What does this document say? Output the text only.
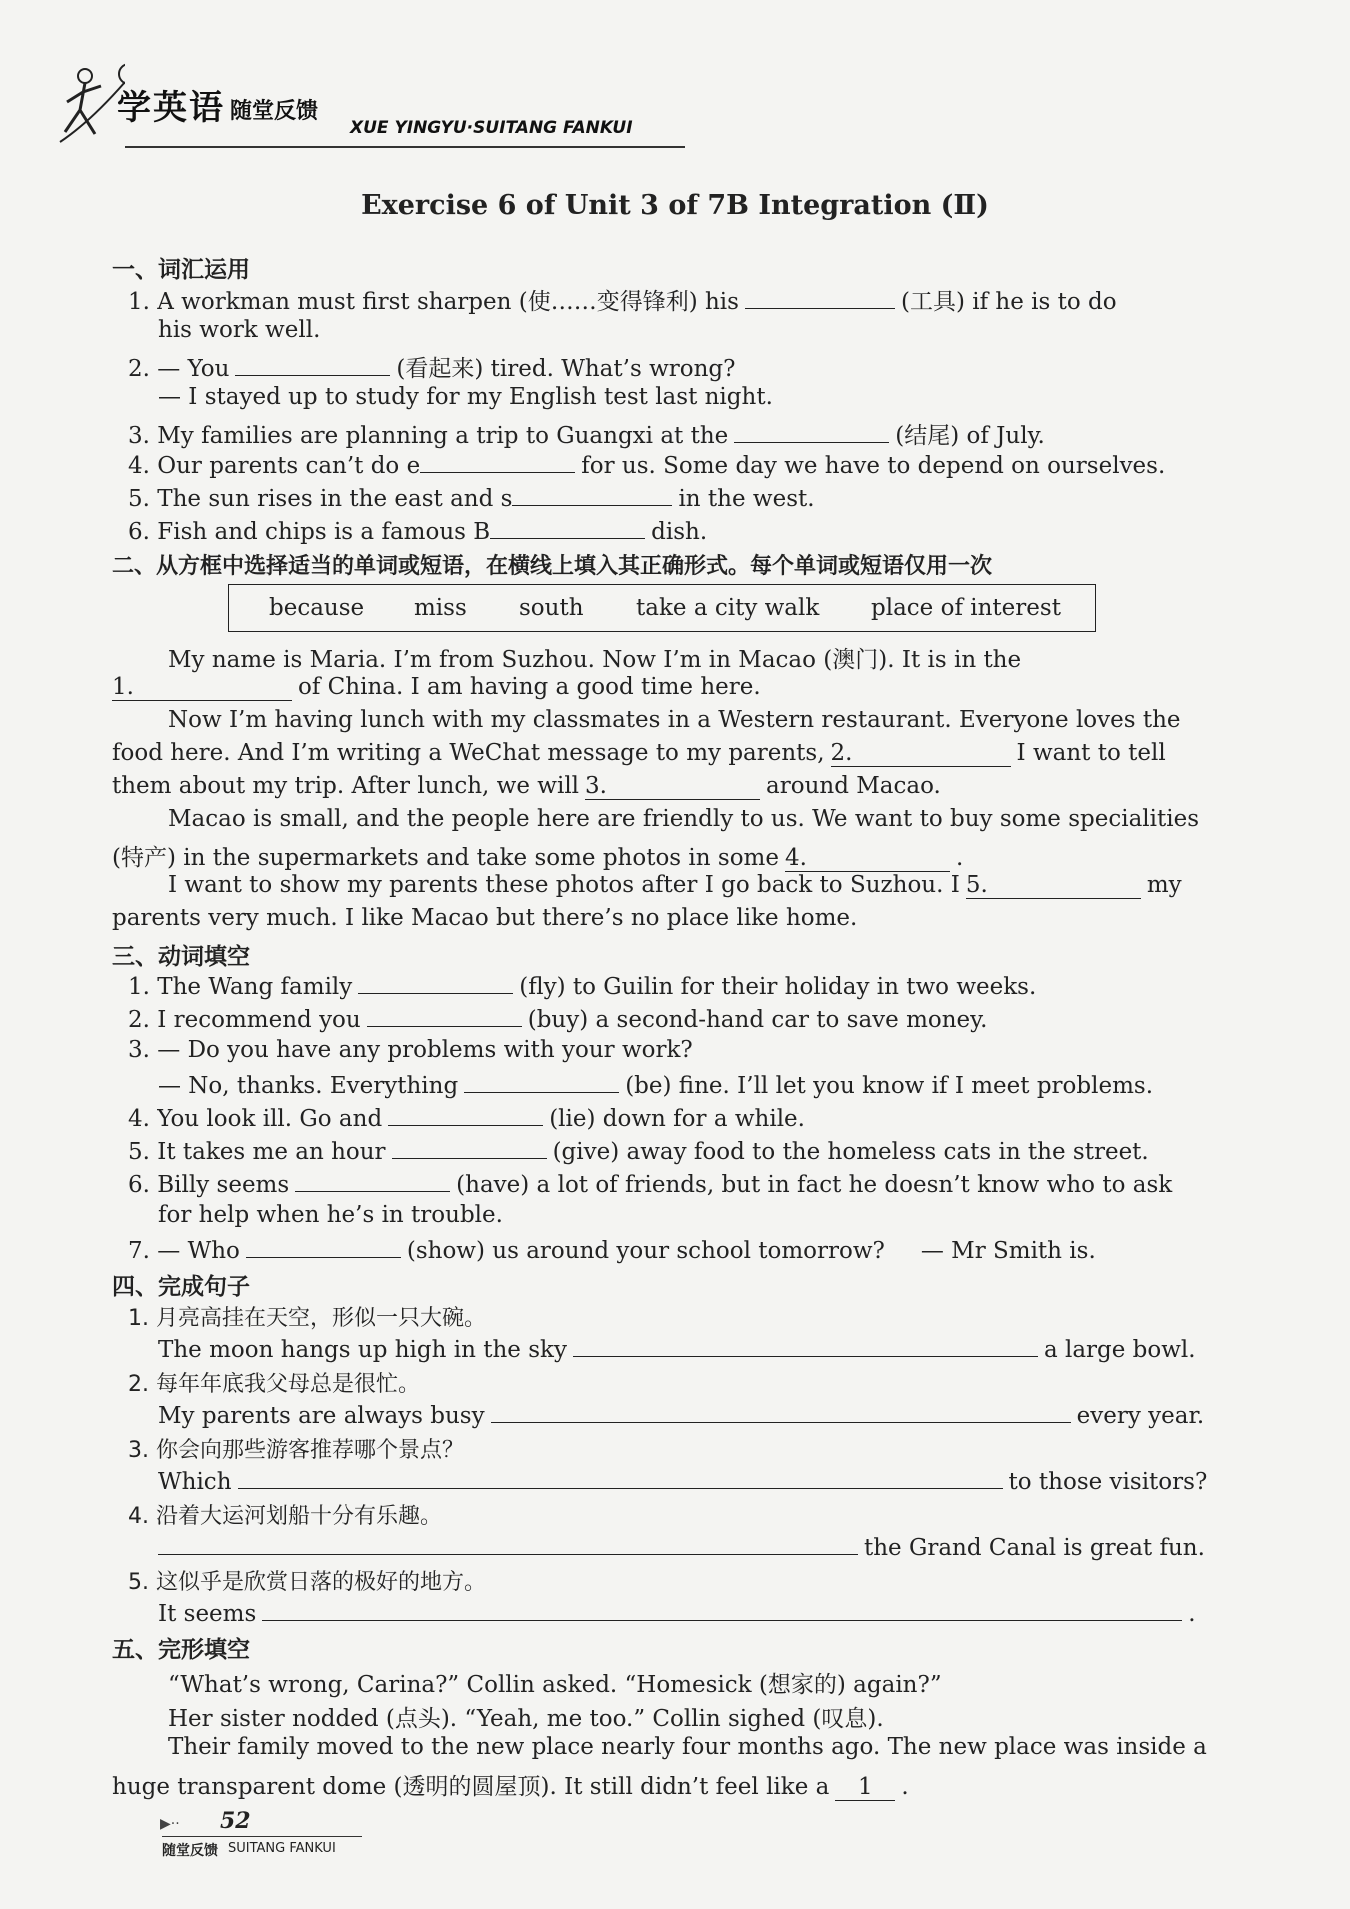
学英语 随堂反馈
XUE YINGYU·SUITANG FANKUI
Exercise 6 of Unit 3 of 7B Integration (Ⅱ)
一、词汇运用
1. A workman must first sharpen (使……变得锋利) his	(工具) if he is to do
his work well.
2. — You	(看起来) tired. What’s wrong?
— I stayed up to study for my English test last night.
3. My families are planning a trip to Guangxi at the	(结尾) of July.
4. Our parents can’t do e	for us. Some day we have to depend on ourselves.
5. The sun rises in the east and s	in the west.
6. Fish and chips is a famous B	dish.
二、从方框中选择适当的单词或短语，在横线上填入其正确形式。每个单词或短语仅用一次
because miss south take a city walk place of interest
My name is Maria. I’m from Suzhou. Now I’m in Macao (澳门). It is in the
1.	of China. I am having a good time here.
Now I’m having lunch with my classmates in a Western restaurant. Everyone loves the
food here. And I’m writing a WeChat message to my parents, 2.	I want to tell
them about my trip. After lunch, we will 3.	around Macao.
Macao is small, and the people here are friendly to us. We want to buy some specialities
(特产) in the supermarkets and take some photos in some 4.	.
I want to show my parents these photos after I go back to Suzhou. I 5.	my
parents very much. I like Macao but there’s no place like home.
三、动词填空
1. The Wang family	(fly) to Guilin for their holiday in two weeks.
2. I recommend you	(buy) a second-hand car to save money.
3. — Do you have any problems with your work?
— No, thanks. Everything	(be) fine. I’ll let you know if I meet problems.
4. You look ill. Go and	(lie) down for a while.
5. It takes me an hour	(give) away food to the homeless cats in the street.
6. Billy seems	(have) a lot of friends, but in fact he doesn’t know who to ask
for help when he’s in trouble.
7. — Who	(show) us around your school tomorrow? — Mr Smith is.
四、完成句子
1. 月亮高挂在天空，形似一只大碗。
The moon hangs up high in the sky	a large bowl.
2. 每年年底我父母总是很忙。
My parents are always busy	every year.
3. 你会向那些游客推荐哪个景点？
Which	to those visitors?
4. 沿着大运河划船十分有乐趣。
the Grand Canal is great fun.
5. 这似乎是欣赏日落的极好的地方。
It seems	.
五、完形填空
“What’s wrong, Carina?” Collin asked. “Homesick (想家的) again?”
Her sister nodded (点头). “Yeah, me too.” Collin sighed (叹息).
Their family moved to the new place nearly four months ago. The new place was inside a
huge transparent dome (透明的圆屋顶). It still didn’t feel like a 1 .
▶·· 52
随堂反馈 SUITANG FANKUI
